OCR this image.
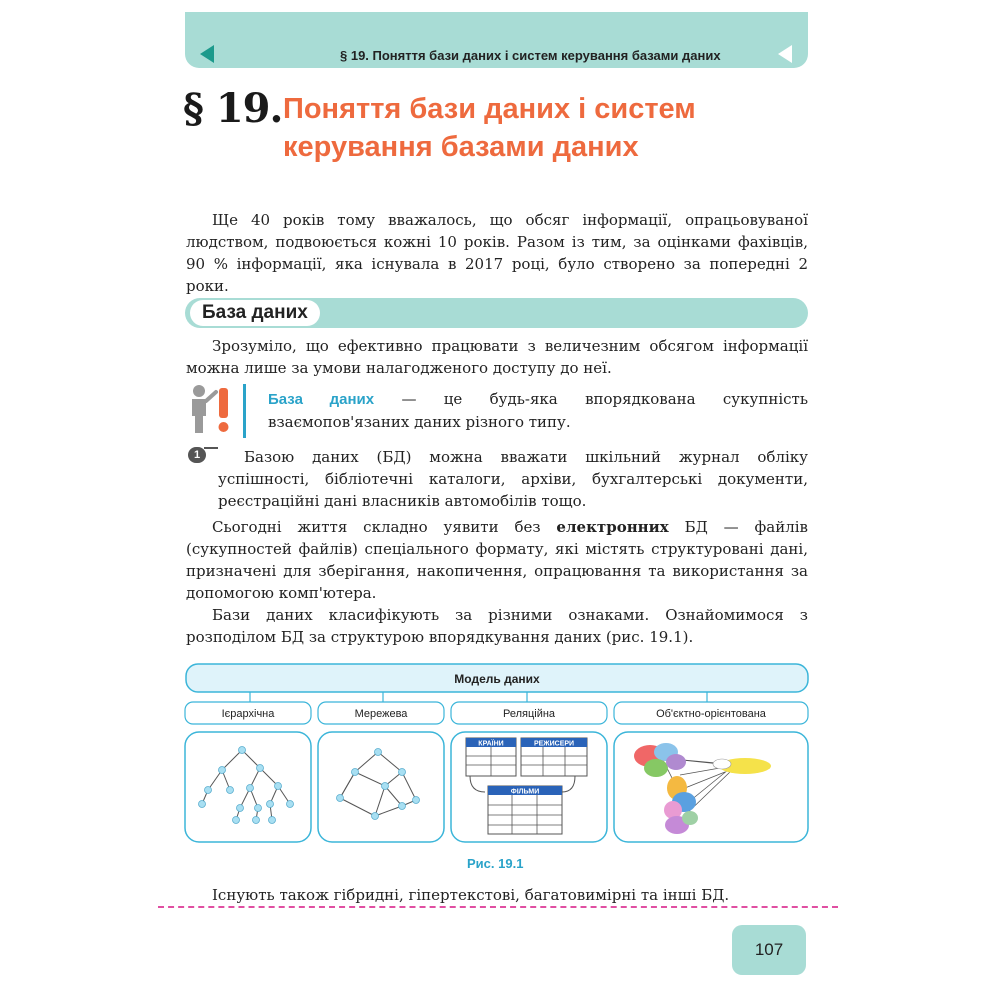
§ 19. Поняття бази даних і систем керування базами даних
§ 19. Поняття бази даних і систем
керування базами даних
Ще 40 років тому вважалось, що обсяг інформації, опрацьовуваної людством, подвоюється кожні 10 років. Разом із тим, за оцінками фахівців, 90 % інформації, яка існувала в 2017 році, було створено за попередні 2 роки.
База даних
Зрозуміло, що ефективно працювати з величезним обсягом інформації можна лише за умови налагодженого доступу до неї.
База даних — це будь-яка впорядкована сукупність взаємопов'язаних даних різного типу.
1	Базою даних (БД) можна вважати шкільний журнал обліку успішності, бібліотечні каталоги, архіви, бухгалтерські документи, реєстраційні дані власників автомобілів тощо.
Сьогодні життя складно уявити без електронних БД — файлів (сукупностей файлів) спеціального формату, які містять структуровані дані, призначені для зберігання, накопичення, опрацювання та використання за допомогою комп'ютера.
Бази даних класифікують за різними ознаками. Ознайомимося з розподілом БД за структурою впорядкування даних (рис. 19.1).
Модель даних
Ієрархічна	Мережева	Реляційна	Об'єктно-орієнтована
КРАЇНИ	РЕЖИСЕРИ
ФІЛЬМИ
Рис. 19.1
Існують також гібридні, гіпертекстові, багатовимірні та інші БД.
107
